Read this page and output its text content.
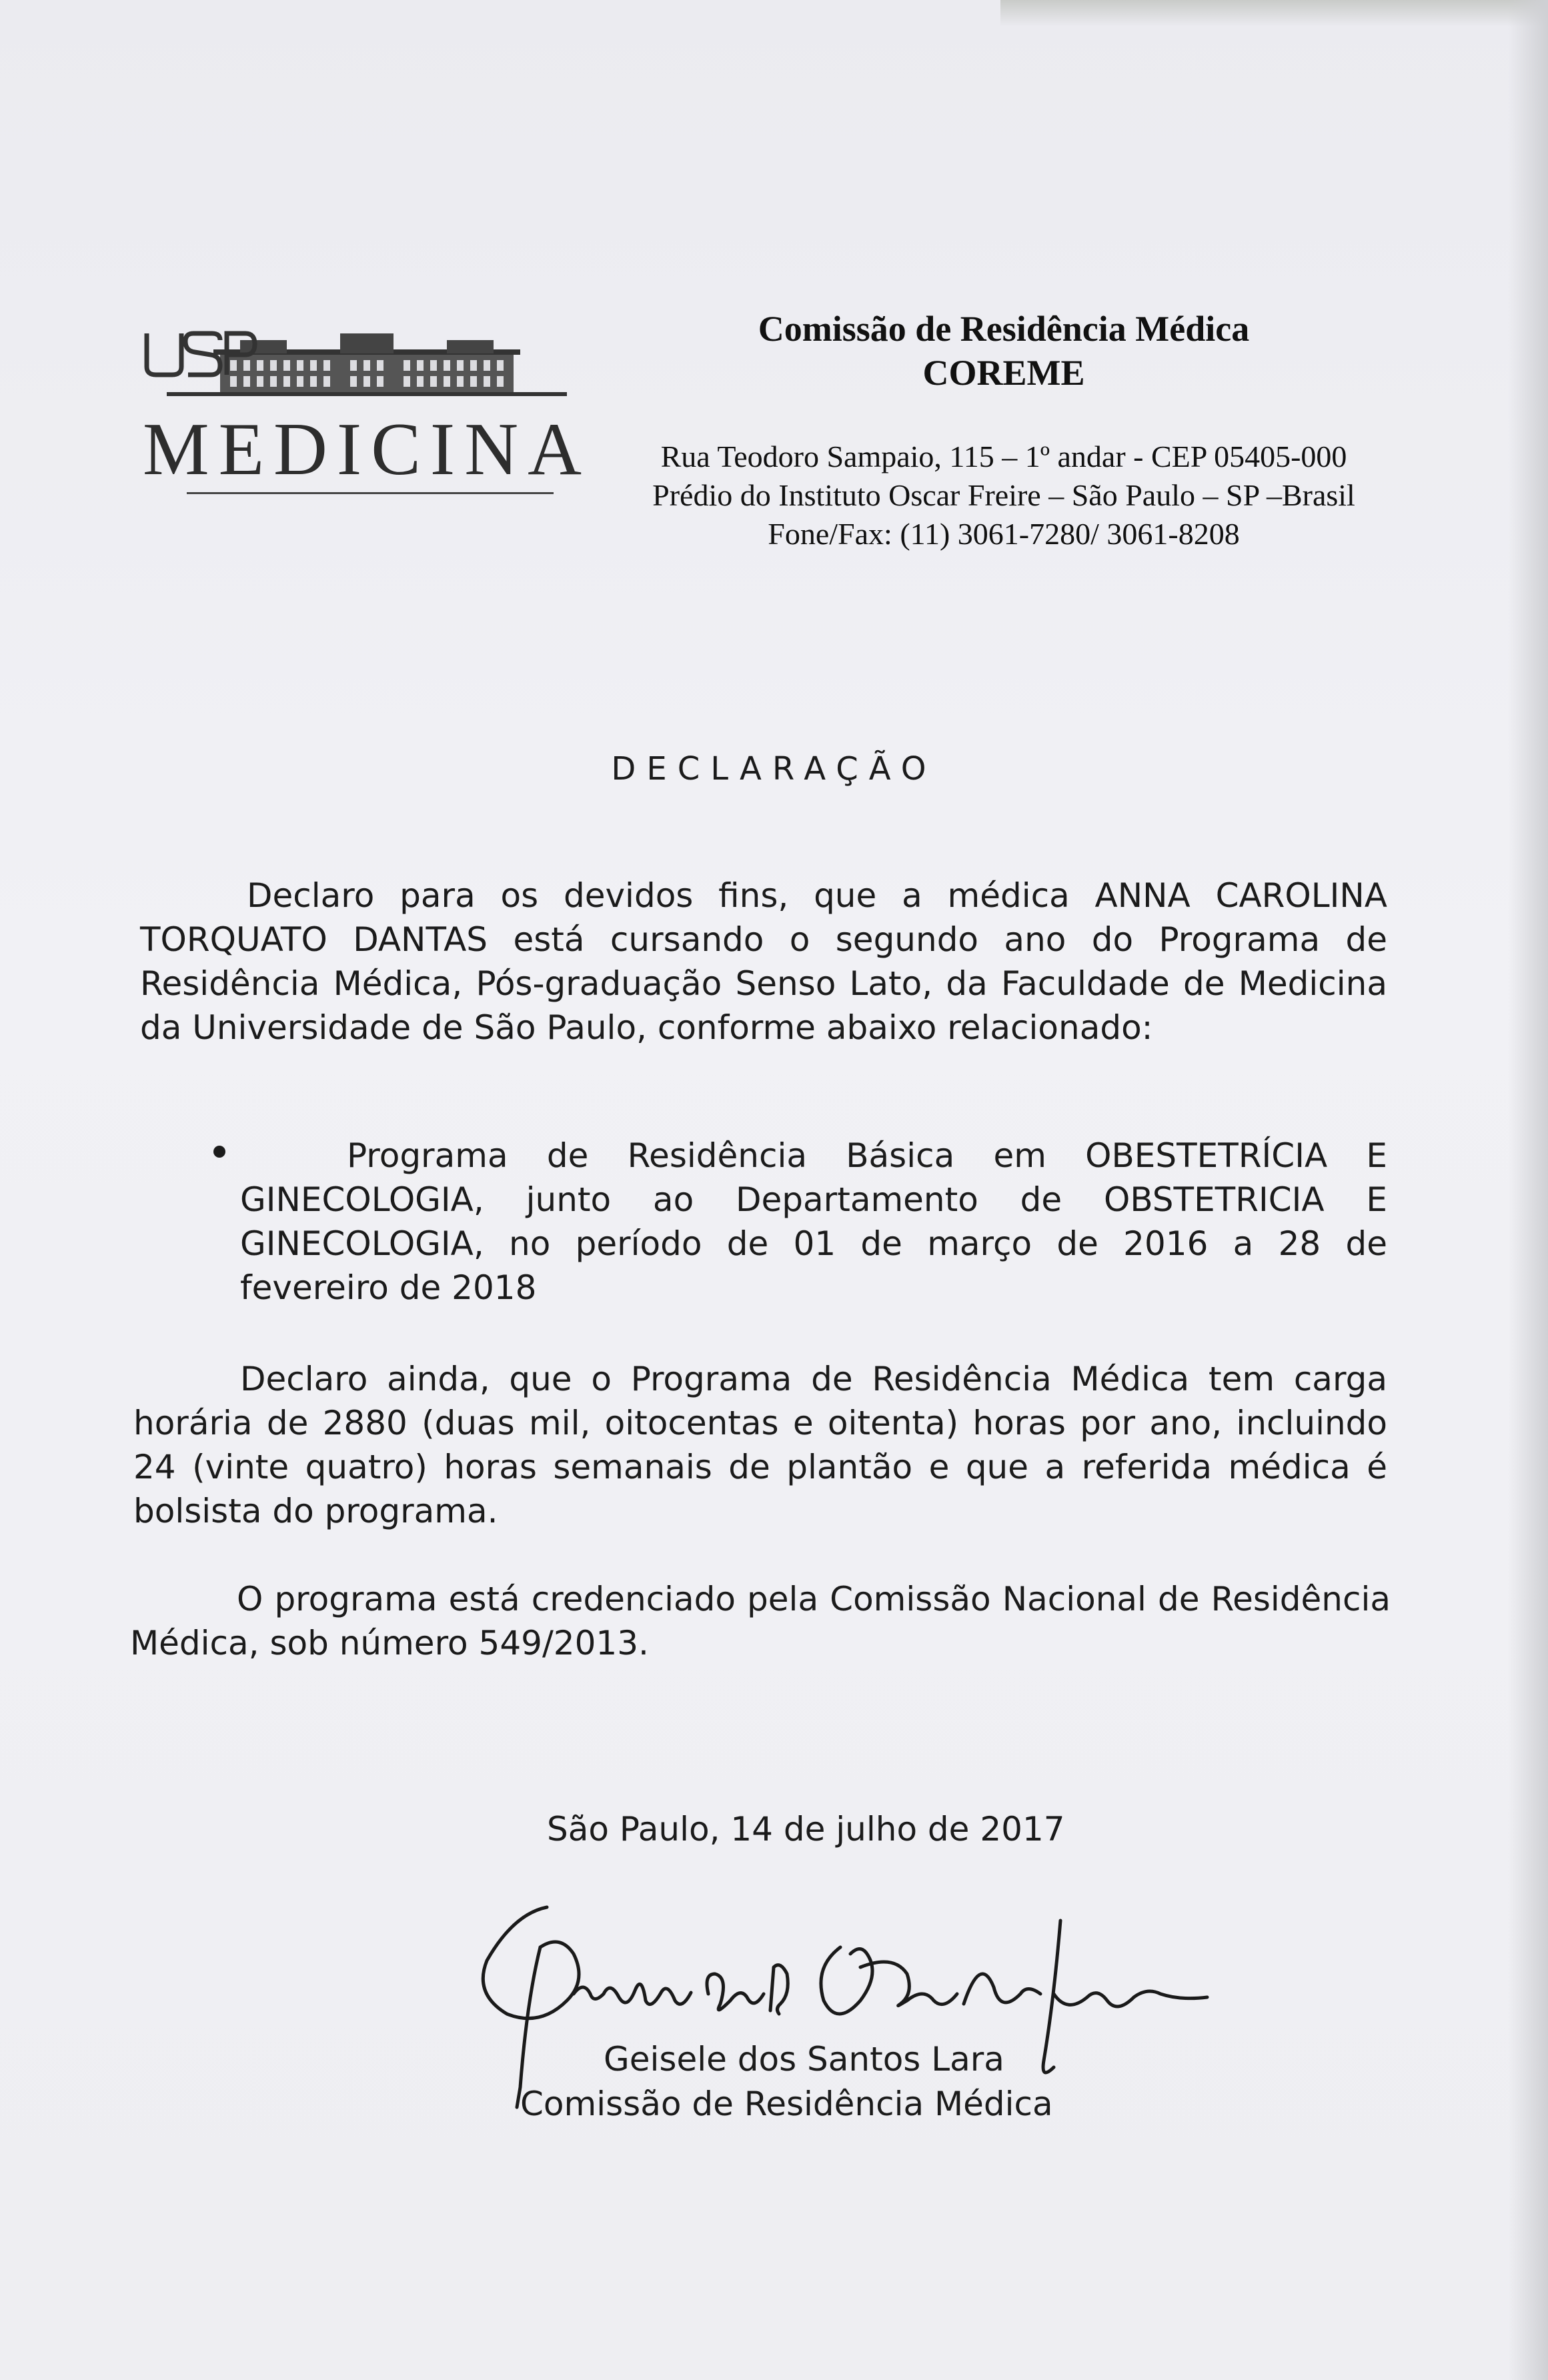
MEDICINA
Comissão de Residência Médica
COREME
Rua Teodoro Sampaio, 115 – 1º andar - CEP 05405-000
Prédio do Instituto Oscar Freire – São Paulo – SP –Brasil
Fone/Fax: (11) 3061-7280/ 3061-8208
DECLARAÇÃO
Declaro para os devidos fins, que a médica ANNA CAROLINA TORQUATO DANTAS está cursando o segundo ano do Programa de Residência Médica, Pós-graduação Senso Lato, da Faculdade de Medicina da Universidade de São Paulo, conforme abaixo relacionado:
Programa de Residência Básica em OBESTETRÍCIA E GINECOLOGIA, junto ao Departamento de OBSTETRICIA E GINECOLOGIA, no período de 01 de março de 2016 a 28 de fevereiro de 2018
Declaro ainda, que o Programa de Residência Médica tem carga horária de 2880 (duas mil, oitocentas e oitenta) horas por ano, incluindo 24 (vinte quatro) horas semanais de plantão e que a referida médica é bolsista do programa.
O programa está credenciado pela Comissão Nacional de Residência Médica, sob número 549/2013.
São Paulo, 14 de julho de 2017
Geisele dos Santos Lara
Comissão de Residência Médica
